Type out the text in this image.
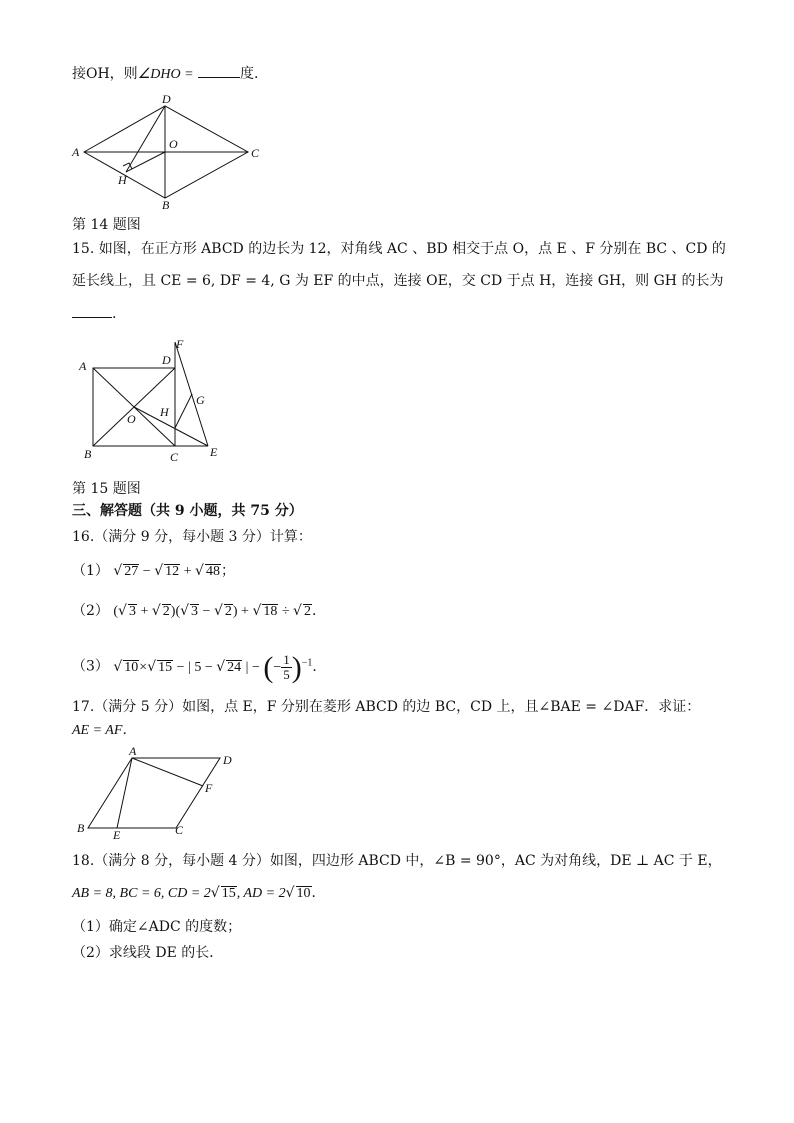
接OH，则∠DHO =	度.
D
A	C
O
H
B
第 14 题图
15. 如图，在正方形 ABCD 的边长为 12，对角线 AC 、BD 相交于点 O，点 E 、F 分别在 BC 、CD 的
延长线上，且 CE = 6, DF = 4, G 为 EF 的中点，连接 OE，交 CD 于点 H，连接 GH，则 GH 的长为
.
A	D
F
G
H
O
B	C	E
第 15 题图
三、解答题（共 9 小题，共 75 分）
16.（满分 9 分，每小题 3 分）计算：
（1） √ 27 − √ 12 + √ 48；
（2） (√ 3 + √ 2)(√ 3 − √ 2) + √ 18 ÷ √ 2．
（3） √ 10×√ 15 − | 5 − √ 24 | − (− $\frac{1}{5} )^{-1}$．
17.（满分 5 分）如图，点 E，F 分别在菱形 ABCD 的边 BC，CD 上，且∠BAE = ∠DAF．求证：
AE = AF．
A
D
F
B E	C
18.（满分 8 分，每小题 4 分）如图，四边形 ABCD 中，∠B = 90°，AC 为对角线，DE ⊥ AC 于 E，
AB = 8, BC = 6, CD = 2√ 15, AD = 2√ 10．
（1）确定∠ADC 的度数；
（2）求线段 DE 的长．
